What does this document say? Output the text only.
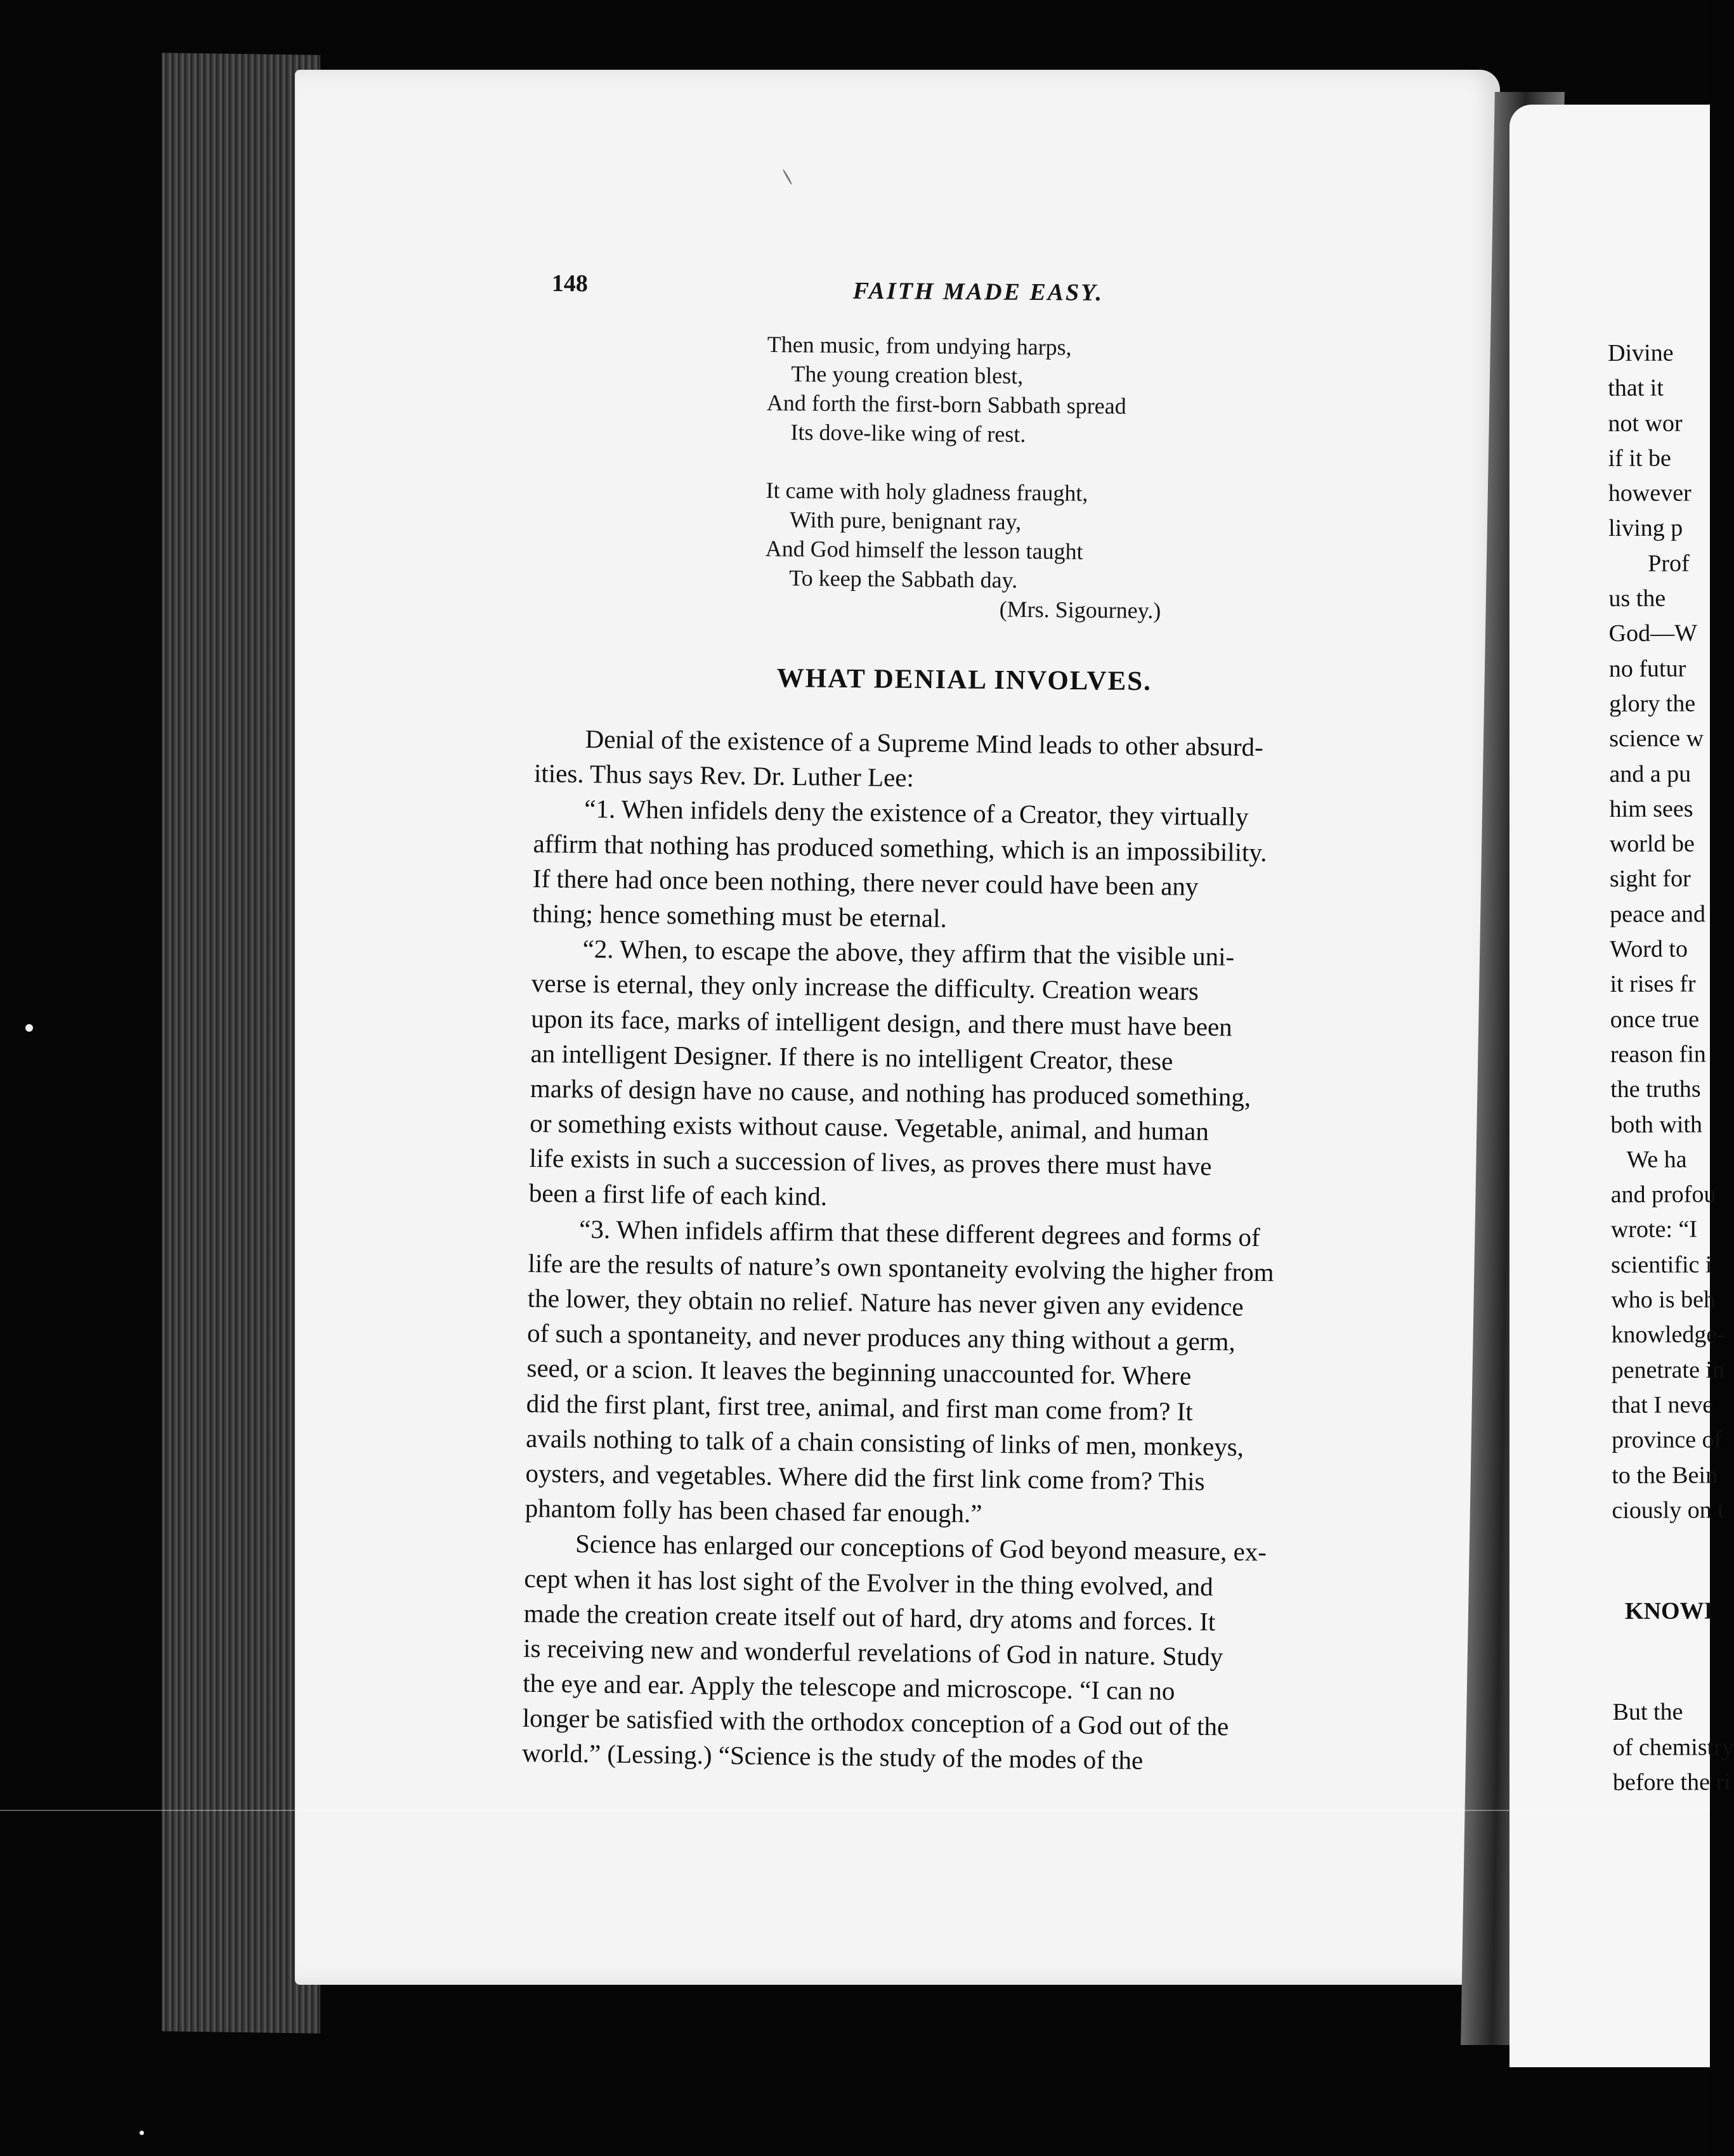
148	FAITH MADE EASY.
Then music, from undying harps,
The young creation blest,
And forth the first-born Sabbath spread
Its dove-like wing of rest.
It came with holy gladness fraught,
With pure, benignant ray,
And God himself the lesson taught
To keep the Sabbath day.
(Mrs. Sigourney.)
WHAT DENIAL INVOLVES.
Denial of the existence of a Supreme Mind leads to other absurd-
ities. Thus says Rev. Dr. Luther Lee:
“1. When infidels deny the existence of a Creator, they virtually
affirm that nothing has produced something, which is an impossibility.
If there had once been nothing, there never could have been any
thing; hence something must be eternal.
“2. When, to escape the above, they affirm that the visible uni-
verse is eternal, they only increase the difficulty. Creation wears
upon its face, marks of intelligent design, and there must have been
an intelligent Designer. If there is no intelligent Creator, these
marks of design have no cause, and nothing has produced something,
or something exists without cause. Vegetable, animal, and human
life exists in such a succession of lives, as proves there must have
been a first life of each kind.
“3. When infidels affirm that these different degrees and forms of
life are the results of nature’s own spontaneity evolving the higher from
the lower, they obtain no relief. Nature has never given any evidence
of such a spontaneity, and never produces any thing without a germ,
seed, or a scion. It leaves the beginning unaccounted for. Where
did the first plant, first tree, animal, and first man come from? It
avails nothing to talk of a chain consisting of links of men, monkeys,
oysters, and vegetables. Where did the first link come from? This
phantom folly has been chased far enough.”
Science has enlarged our conceptions of God beyond measure, ex-
cept when it has lost sight of the Evolver in the thing evolved, and
made the creation create itself out of hard, dry atoms and forces. It
is receiving new and wonderful revelations of God in nature. Study
the eye and ear. Apply the telescope and microscope. “I can no
longer be satisfied with the orthodox conception of a God out of the
world.” (Lessing.) “Science is the study of the modes of the
Divine
that it
not wor
if it be
however
living p
Prof
us the
God—W
no futur
glory the
science w
and a pu
him sees
world be
sight for
peace and
Word to
it rises fr
once true
reason fin
the truths
both with
We ha
and profou
wrote: “I
scientific i
who is beh
knowledge-
penetrate in
that I neve
province of
to the Bein
ciously on t
KNOWI
But the
of chemistry
before the ri
